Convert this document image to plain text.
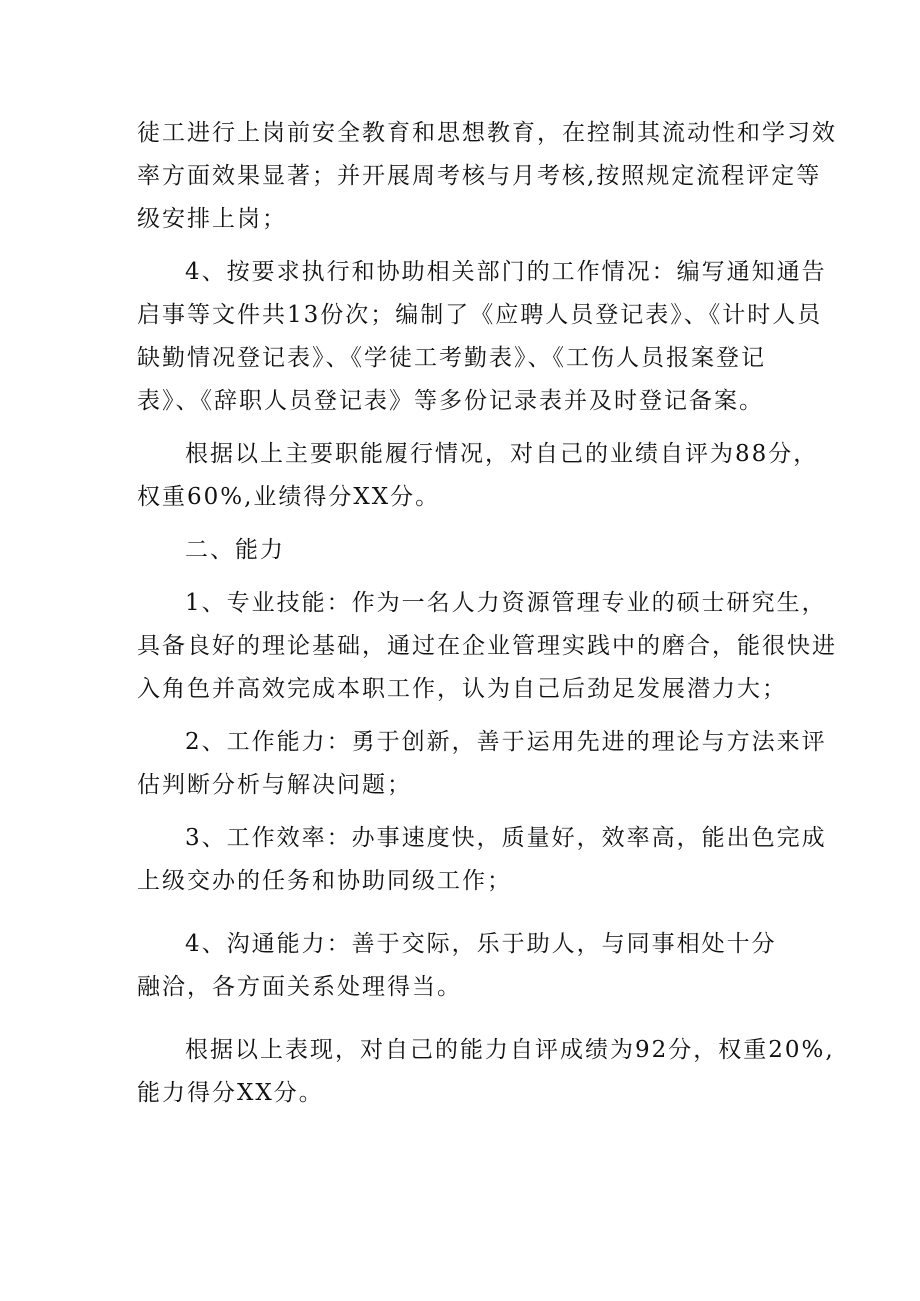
徒工进行上岗前安全教育和思想教育，在控制其流动性和学习效
率方面效果显著；并开展周考核与月考核,按照规定流程评定等
级安排上岗；

4、按要求执行和协助相关部门的工作情况：编写通知通告
启事等文件共13份次；编制了《应聘人员登记表》、《计时人员
缺勤情况登记表》、《学徒工考勤表》、《工伤人员报案登记
表》、《辞职人员登记表》等多份记录表并及时登记备案。

根据以上主要职能履行情况，对自己的业绩自评为88分，
权重60%,业绩得分XX分。

二、能力

1、专业技能：作为一名人力资源管理专业的硕士研究生，
具备良好的理论基础，通过在企业管理实践中的磨合，能很快进
入角色并高效完成本职工作，认为自己后劲足发展潜力大；

2、工作能力：勇于创新，善于运用先进的理论与方法来评
估判断分析与解决问题；

3、工作效率：办事速度快，质量好，效率高，能出色完成
上级交办的任务和协助同级工作；

4、沟通能力：善于交际，乐于助人，与同事相处十分
融洽，各方面关系处理得当。

根据以上表现，对自己的能力自评成绩为92分，权重20%,
能力得分XX分。
